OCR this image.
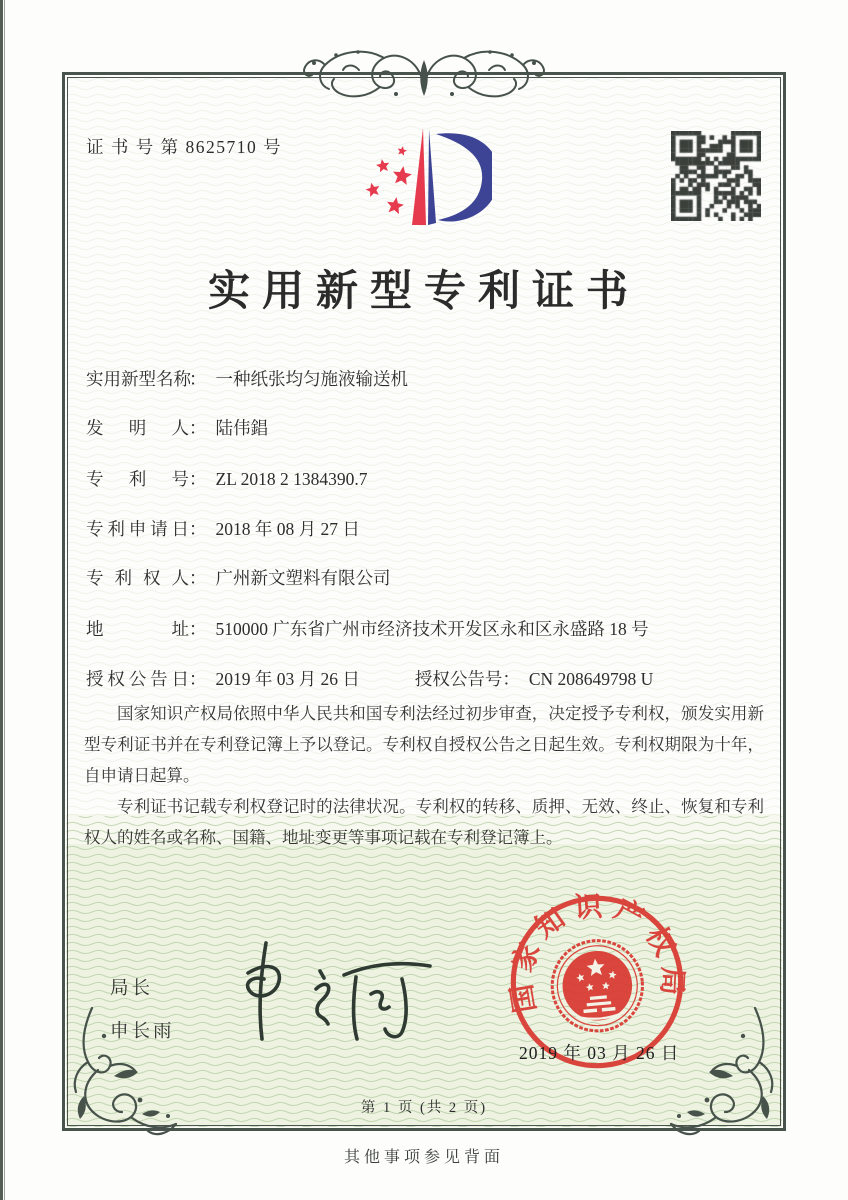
证 书 号 第 8625710 号
实用新型专利证书
实用新型名称： 一种纸张均匀施液输送机
发明人： 陆伟錩
专利号： ZL 2018 2 1384390.7
专利申请日： 2018 年 08 月 27 日
专利权人： 广州新文塑料有限公司
地址： 510000 广东省广州市经济技术开发区永和区永盛路 18 号
授权公告日： 2019 年 03 月 26 日	授权公告号： CN 208649798 U

国家知识产权局依照中华人民共和国专利法经过初步审查，决定授予专利权，颁发实用新型专利证书并在专利登记簿上予以登记。专利权自授权公告之日起生效。专利权期限为十年，自申请日起算。

专利证书记载专利权登记时的法律状况。专利权的转移、质押、无效、终止、恢复和专利权人的姓名或名称、国籍、地址变更等事项记载在专利登记簿上。

局长
申长雨
国家知识产权局
2019 年 03 月 26 日
第 1 页 (共 2 页)
其他事项参见背面
